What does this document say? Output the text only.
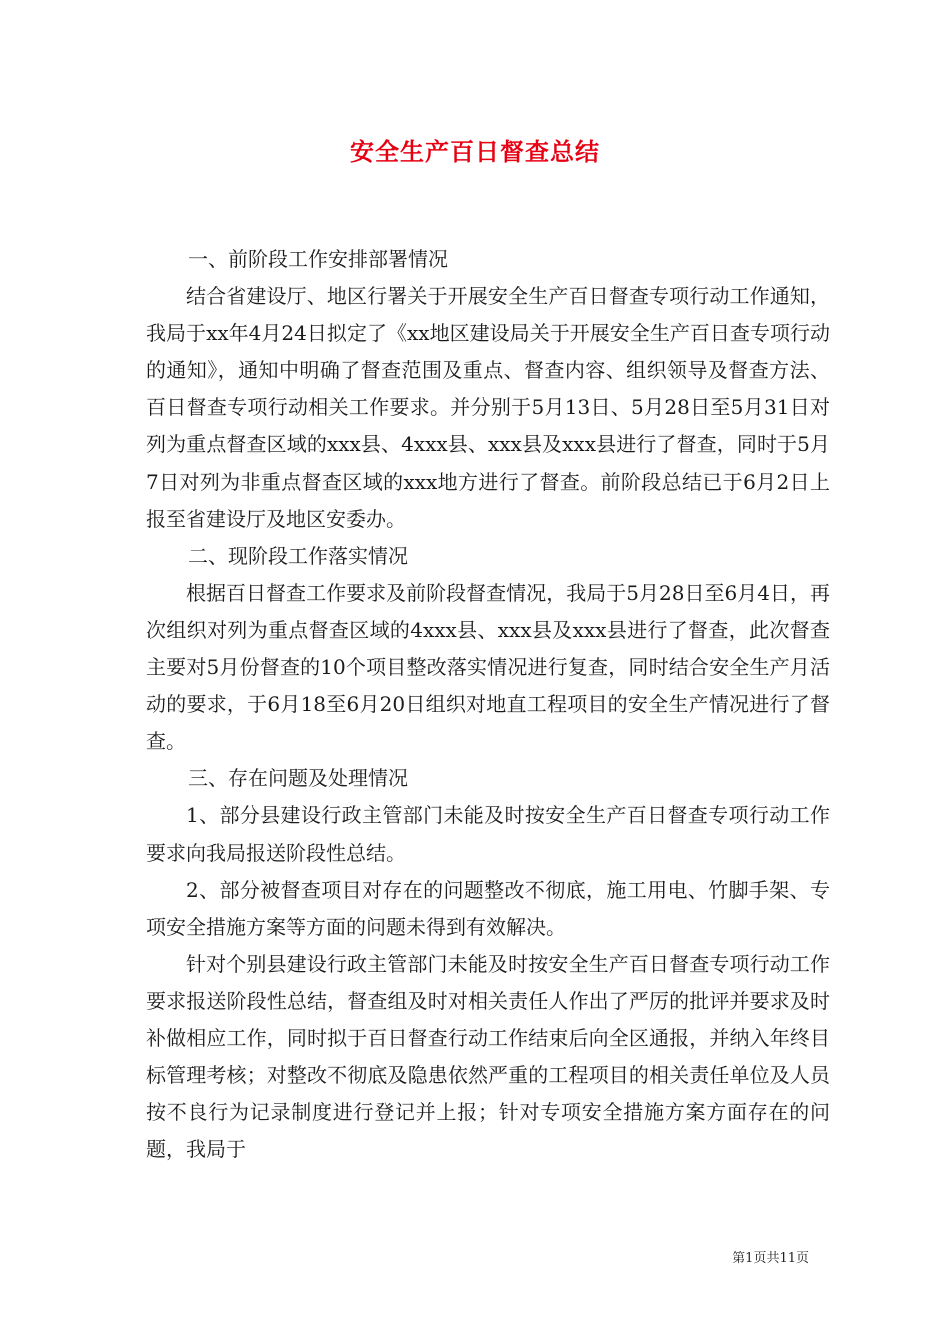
安全生产百日督查总结

一、前阶段工作安排部署情况

结合省建设厅、地区行署关于开展安全生产百日督查专项行动工作通知，我局于xx年4月24日拟定了《xx地区建设局关于开展安全生产百日查专项行动的通知》，通知中明确了督查范围及重点、督查内容、组织领导及督查方法、百日督查专项行动相关工作要求。并分别于5月13日、5月28日至5月31日对列为重点督查区域的xxx县、4xxx县、xxx县及xxx县进行了督查，同时于5月7日对列为非重点督查区域的xxx地方进行了督查。前阶段总结已于6月2日上报至省建设厅及地区安委办。

二、现阶段工作落实情况

根据百日督查工作要求及前阶段督查情况，我局于5月28日至6月4日，再次组织对列为重点督查区域的4xxx县、xxx县及xxx县进行了督查，此次督查主要对5月份督查的10个项目整改落实情况进行复查，同时结合安全生产月活动的要求，于6月18至6月20日组织对地直工程项目的安全生产情况进行了督查。

三、存在问题及处理情况

1、部分县建设行政主管部门未能及时按安全生产百日督查专项行动工作要求向我局报送阶段性总结。

2、部分被督查项目对存在的问题整改不彻底，施工用电、竹脚手架、专项安全措施方案等方面的问题未得到有效解决。

针对个别县建设行政主管部门未能及时按安全生产百日督查专项行动工作要求报送阶段性总结，督查组及时对相关责任人作出了严厉的批评并要求及时补做相应工作，同时拟于百日督查行动工作结束后向全区通报，并纳入年终目标管理考核；对整改不彻底及隐患依然严重的工程项目的相关责任单位及人员按不良行为记录制度进行登记并上报；针对专项安全措施方案方面存在的问题，我局于

第1页共11页
